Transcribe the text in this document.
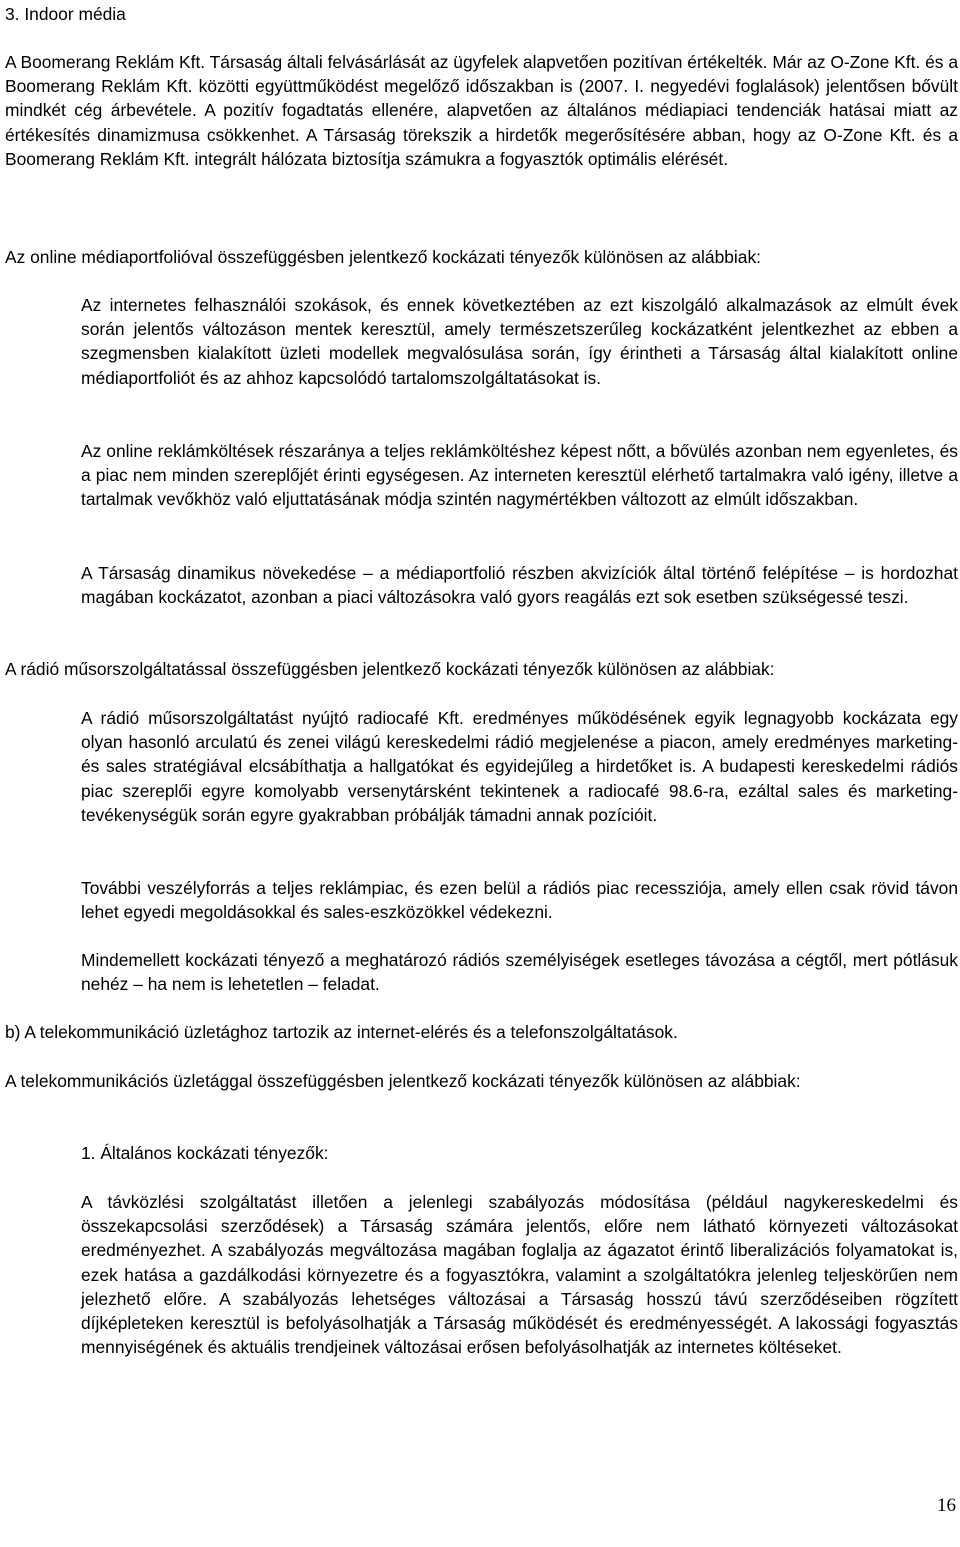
3. Indoor média

A Boomerang Reklám Kft. Társaság általi felvásárlását az ügyfelek alapvetően pozitívan értékelték. Már az O-Zone Kft. és a Boomerang Reklám Kft. közötti együttműködést megelőző időszakban is (2007. I. negyedévi foglalások) jelentősen bővült mindkét cég árbevétele. A pozitív fogadtatás ellenére, alapvetően az általános médiapiaci tendenciák hatásai miatt az értékesítés dinamizmusa csökkenhet. A Társaság törekszik a hirdetők megerősítésére abban, hogy az O-Zone Kft. és a Boomerang Reklám Kft. integrált hálózata biztosítja számukra a fogyasztók optimális elérését.

Az online médiaportfolióval összefüggésben jelentkező kockázati tényezők különösen az alábbiak:

Az internetes felhasználói szokások, és ennek következtében az ezt kiszolgáló alkalmazások az elmúlt évek során jelentős változáson mentek keresztül, amely természetszerűleg kockázatként jelentkezhet az ebben a szegmensben kialakított üzleti modellek megvalósulása során, így érintheti a Társaság által kialakított online médiaportfoliót és az ahhoz kapcsolódó tartalomszolgáltatásokat is.

Az online reklámköltések részaránya a teljes reklámköltéshez képest nőtt, a bővülés azonban nem egyenletes, és a piac nem minden szereplőjét érinti egységesen. Az interneten keresztül elérhető tartalmakra való igény, illetve a tartalmak vevőkhöz való eljuttatásának módja szintén nagymértékben változott az elmúlt időszakban.

A Társaság dinamikus növekedése – a médiaportfolió részben akvizíciók által történő felépítése – is hordozhat magában kockázatot, azonban a piaci változásokra való gyors reagálás ezt sok esetben szükségessé teszi.

A rádió műsorszolgáltatással összefüggésben jelentkező kockázati tényezők különösen az alábbiak:

A rádió műsorszolgáltatást nyújtó radiocafé Kft. eredményes működésének egyik legnagyobb kockázata egy olyan hasonló arculatú és zenei világú kereskedelmi rádió megjelenése a piacon, amely eredményes marketing- és sales stratégiával elcsábíthatja a hallgatókat és egyidejűleg a hirdetőket is. A budapesti kereskedelmi rádiós piac szereplői egyre komolyabb versenytársként tekintenek a radiocafé 98.6-ra, ezáltal sales és marketing-tevékenységük során egyre gyakrabban próbálják támadni annak pozícióit.

További veszélyforrás a teljes reklámpiac, és ezen belül a rádiós piac recessziója, amely ellen csak rövid távon lehet egyedi megoldásokkal és sales-eszközökkel védekezni.

Mindemellett kockázati tényező a meghatározó rádiós személyiségek esetleges távozása a cégtől, mert pótlásuk nehéz – ha nem is lehetetlen – feladat.

b) A telekommunikáció üzletághoz tartozik az internet-elérés és a telefonszolgáltatások.

A telekommunikációs üzletággal összefüggésben jelentkező kockázati tényezők különösen az alábbiak:

1. Általános kockázati tényezők:

A távközlési szolgáltatást illetően a jelenlegi szabályozás módosítása (például nagykereskedelmi és összekapcsolási szerződések) a Társaság számára jelentős, előre nem látható környezeti változásokat eredményezhet. A szabályozás megváltozása magában foglalja az ágazatot érintő liberalizációs folyamatokat is, ezek hatása a gazdálkodási környezetre és a fogyasztókra, valamint a szolgáltatókra jelenleg teljeskörűen nem jelezhető előre. A szabályozás lehetséges változásai a Társaság hosszú távú szerződéseiben rögzített díjképleteken keresztül is befolyásolhatják a Társaság működését és eredményességét. A lakossági fogyasztás mennyiségének és aktuális trendjeinek változásai erősen befolyásolhatják az internetes költéseket.

16
